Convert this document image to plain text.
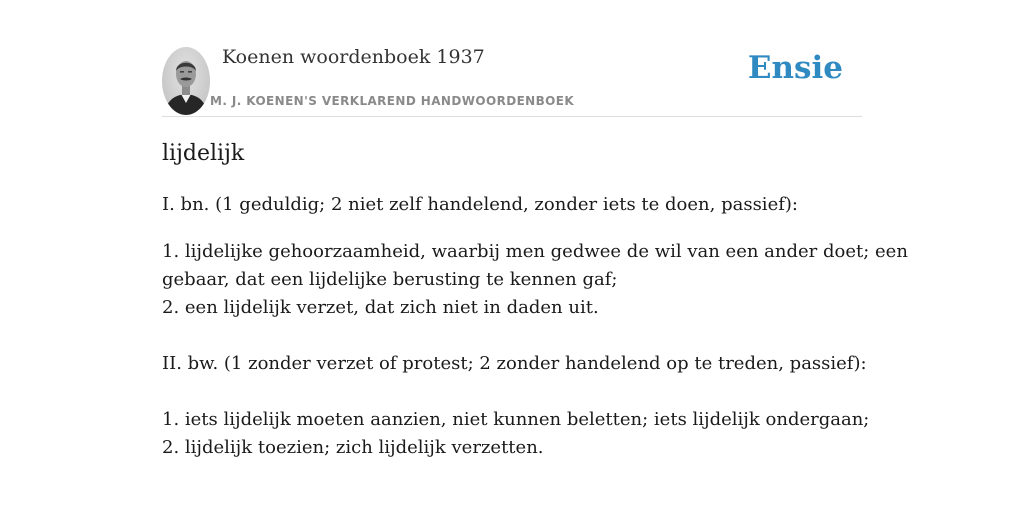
Koenen woordenboek 1937
M. J. KOENEN'S VERKLAREND HANDWOORDENBOEK
Ensie
lijdelijk

I. bn. (1 geduldig; 2 niet zelf handelend, zonder iets te doen, passief):

1. lijdelijke gehoorzaamheid, waarbij men gedwee de wil van een ander doet; een
gebaar, dat een lijdelijke berusting te kennen gaf;
2. een lijdelijk verzet, dat zich niet in daden uit.

II. bw. (1 zonder verzet of protest; 2 zonder handelend op te treden, passief):

1. iets lijdelijk moeten aanzien, niet kunnen beletten; iets lijdelijk ondergaan;
2. lijdelijk toezien; zich lijdelijk verzetten.
